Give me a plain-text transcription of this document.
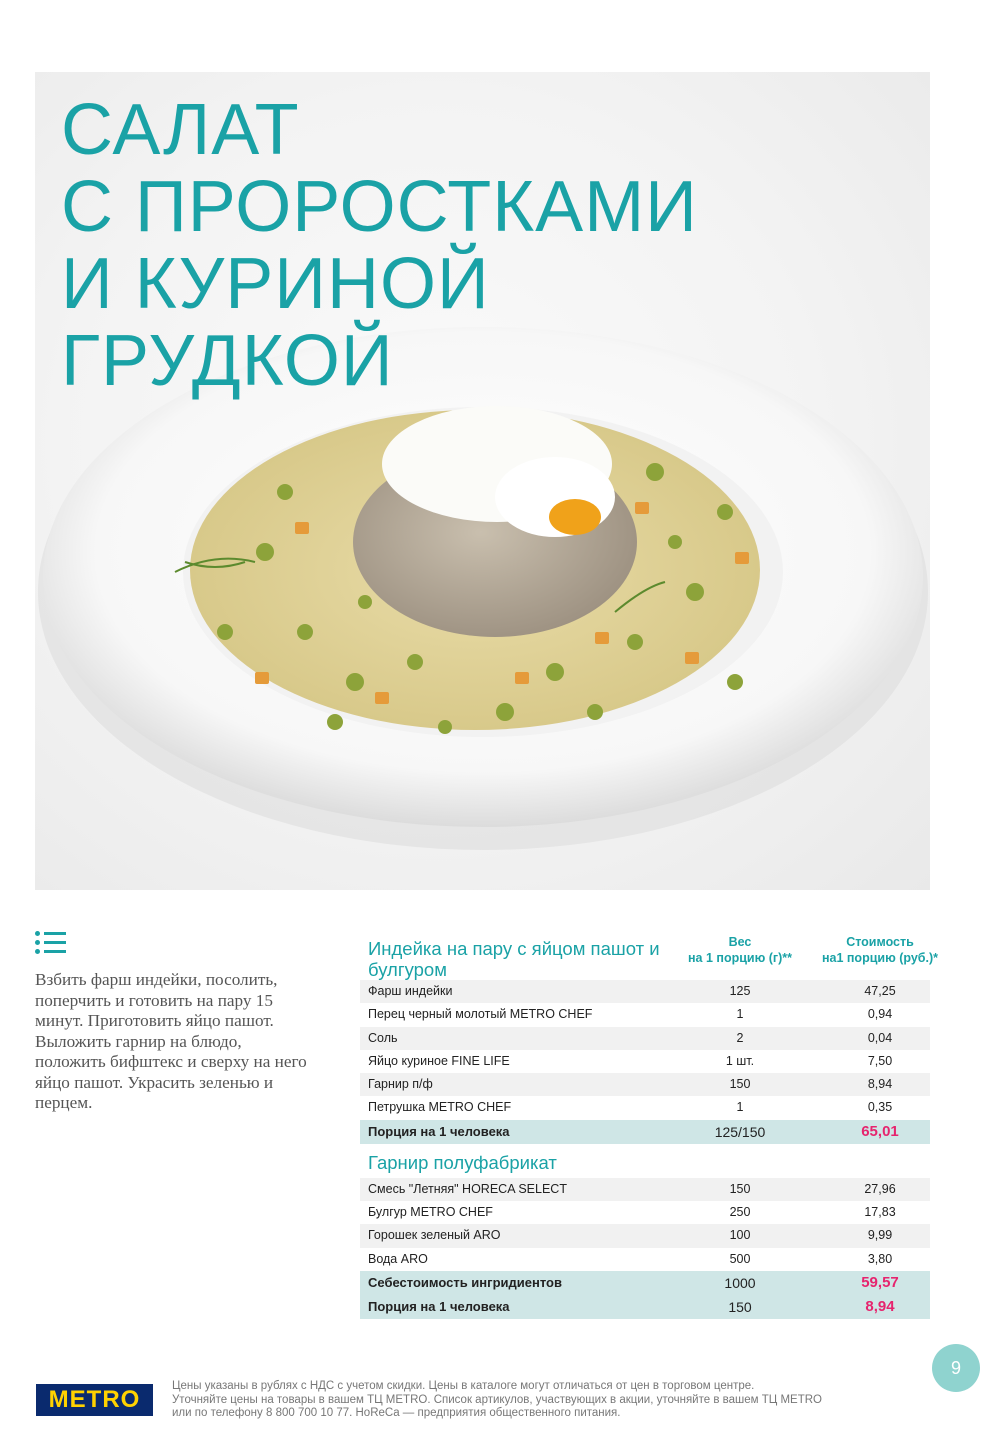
САЛАТ
С ПРОРОСТКАМИ
И КУРИНОЙ
ГРУДКОЙ

Взбить фарш индейки, посолить, поперчить и готовить на пару 15 минут. Приготовить яйцо пашот. Выложить гарнир на блюдо, положить бифштекс и сверху на него яйцо пашот. Украсить зеленью и перцем.

Индейка на пару с яйцом пашот и булгуром
Вес
на 1 порцию (г)**
Стоимость
на1 порцию (руб.)*
Фарш индейки	125	47,25
Перец черный молотый METRO CHEF	1	0,94
Соль	2	0,04
Яйцо куриное FINE LIFE	1 шт.	7,50
Гарнир п/ф	150	8,94
Петрушка METRO CHEF	1	0,35
Порция на 1 человека	125/150	65,01
Гарнир полуфабрикат
Смесь "Летняя" HORECA SELECT	150	27,96
Булгур METRO CHEF	250	17,83
Горошек зеленый ARO	100	9,99
Вода ARO	500	3,80
Себестоимость ингридиентов	1000	59,57
Порция на 1 человека	150	8,94
METRO	Цены указаны в рублях с НДС с учетом скидки. Цены в каталоге могут отличаться от цен в торговом центре.
Уточняйте цены на товары в вашем ТЦ METRO. Список артикулов, участвующих в акции, уточняйте в вашем ТЦ METRO
или по телефону 8 800 700 10 77. HoReCa — предприятия общественного питания.
9
